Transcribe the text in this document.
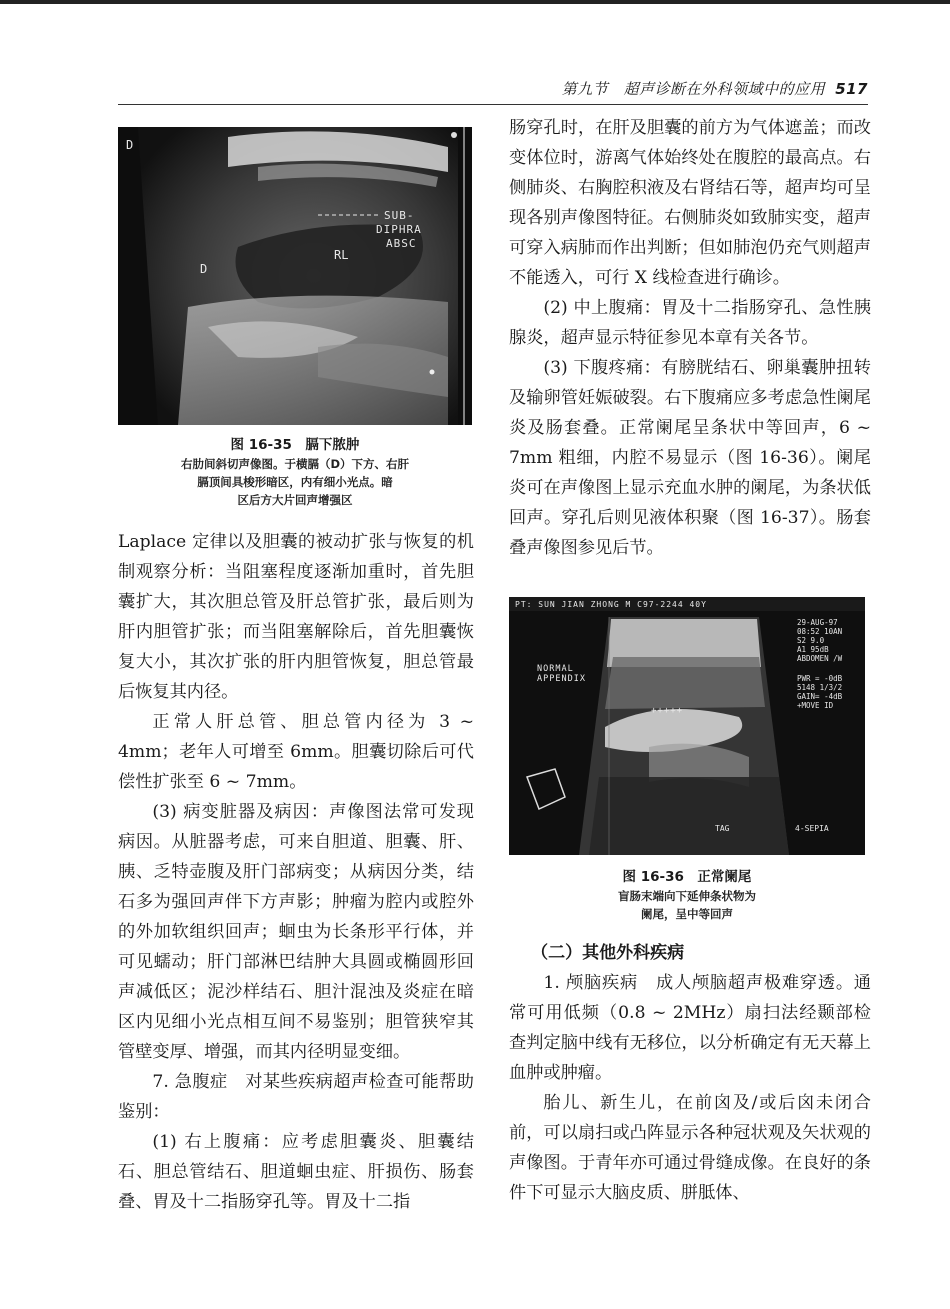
第九节　超声诊断在外科领域中的应用 517
D
D
RL
SUB-
DIPHRA
ABSC
图 16-35　膈下脓肿
右肋间斜切声像图。于横膈（D）下方、右肝
膈顶间具梭形暗区，内有细小光点。暗
区后方大片回声增强区

Laplace 定律以及胆囊的被动扩张与恢复的机制观察分析：当阻塞程度逐渐加重时，首先胆囊扩大，其次胆总管及肝总管扩张，最后则为肝内胆管扩张；而当阻塞解除后，首先胆囊恢复大小，其次扩张的肝内胆管恢复，胆总管最后恢复其内径。

正常人肝总管、胆总管内径为 3 ~ 4mm；老年人可增至 6mm。胆囊切除后可代偿性扩张至 6 ~ 7mm。

(3) 病变脏器及病因：声像图法常可发现病因。从脏器考虑，可来自胆道、胆囊、肝、胰、乏特壶腹及肝门部病变；从病因分类，结石多为强回声伴下方声影；肿瘤为腔内或腔外的外加软组织回声；蛔虫为长条形平行体，并可见蠕动；肝门部淋巴结肿大具圆或椭圆形回声减低区；泥沙样结石、胆汁混浊及炎症在暗区内见细小光点相互间不易鉴别；胆管狭窄其管壁变厚、增强，而其内径明显变细。

7. 急腹症　对某些疾病超声检查可能帮助鉴别：

(1) 右上腹痛：应考虑胆囊炎、胆囊结石、胆总管结石、胆道蛔虫症、肝损伤、肠套叠、胃及十二指肠穿孔等。胃及十二指

肠穿孔时，在肝及胆囊的前方为气体遮盖；而改变体位时，游离气体始终处在腹腔的最高点。右侧肺炎、右胸腔积液及右肾结石等，超声均可呈现各别声像图特征。右侧肺炎如致肺实变，超声可穿入病肺而作出判断；但如肺泡仍充气则超声不能透入，可行 X 线检查进行确诊。

(2) 中上腹痛：胃及十二指肠穿孔、急性胰腺炎，超声显示特征参见本章有关各节。

(3) 下腹疼痛：有膀胱结石、卵巢囊肿扭转及输卵管妊娠破裂。右下腹痛应多考虑急性阑尾炎及肠套叠。正常阑尾呈条状中等回声，6 ~ 7mm 粗细，内腔不易显示（图 16-36）。阑尾炎可在声像图上显示充血水肿的阑尾，为条状低回声。穿孔后则见液体积聚（图 16-37）。肠套叠声像图参见后节。

PT: SUN JIAN ZHONG M C97-2244 40Y
29-AUG-97
08:52 10AN
S2 9.0
A1 95dB
ABDOMEN /W
PWR = -0dB
5148 1/3/2
GAIN= -4dB
+MOVE ID
NORMAL
APPENDIX
+++++
TAG	4-SEPIA
图 16-36　正常阑尾
盲肠末端向下延伸条状物为
阑尾，呈中等回声
（二）其他外科疾病

1. 颅脑疾病　成人颅脑超声极难穿透。通常可用低频（0.8 ~ 2MHz）扇扫法经颞部检查判定脑中线有无移位，以分析确定有无天幕上血肿或肿瘤。

胎儿、新生儿，在前囟及/或后囟未闭合前，可以扇扫或凸阵显示各种冠状观及矢状观的声像图。于青年亦可通过骨缝成像。在良好的条件下可显示大脑皮质、胼胝体、
